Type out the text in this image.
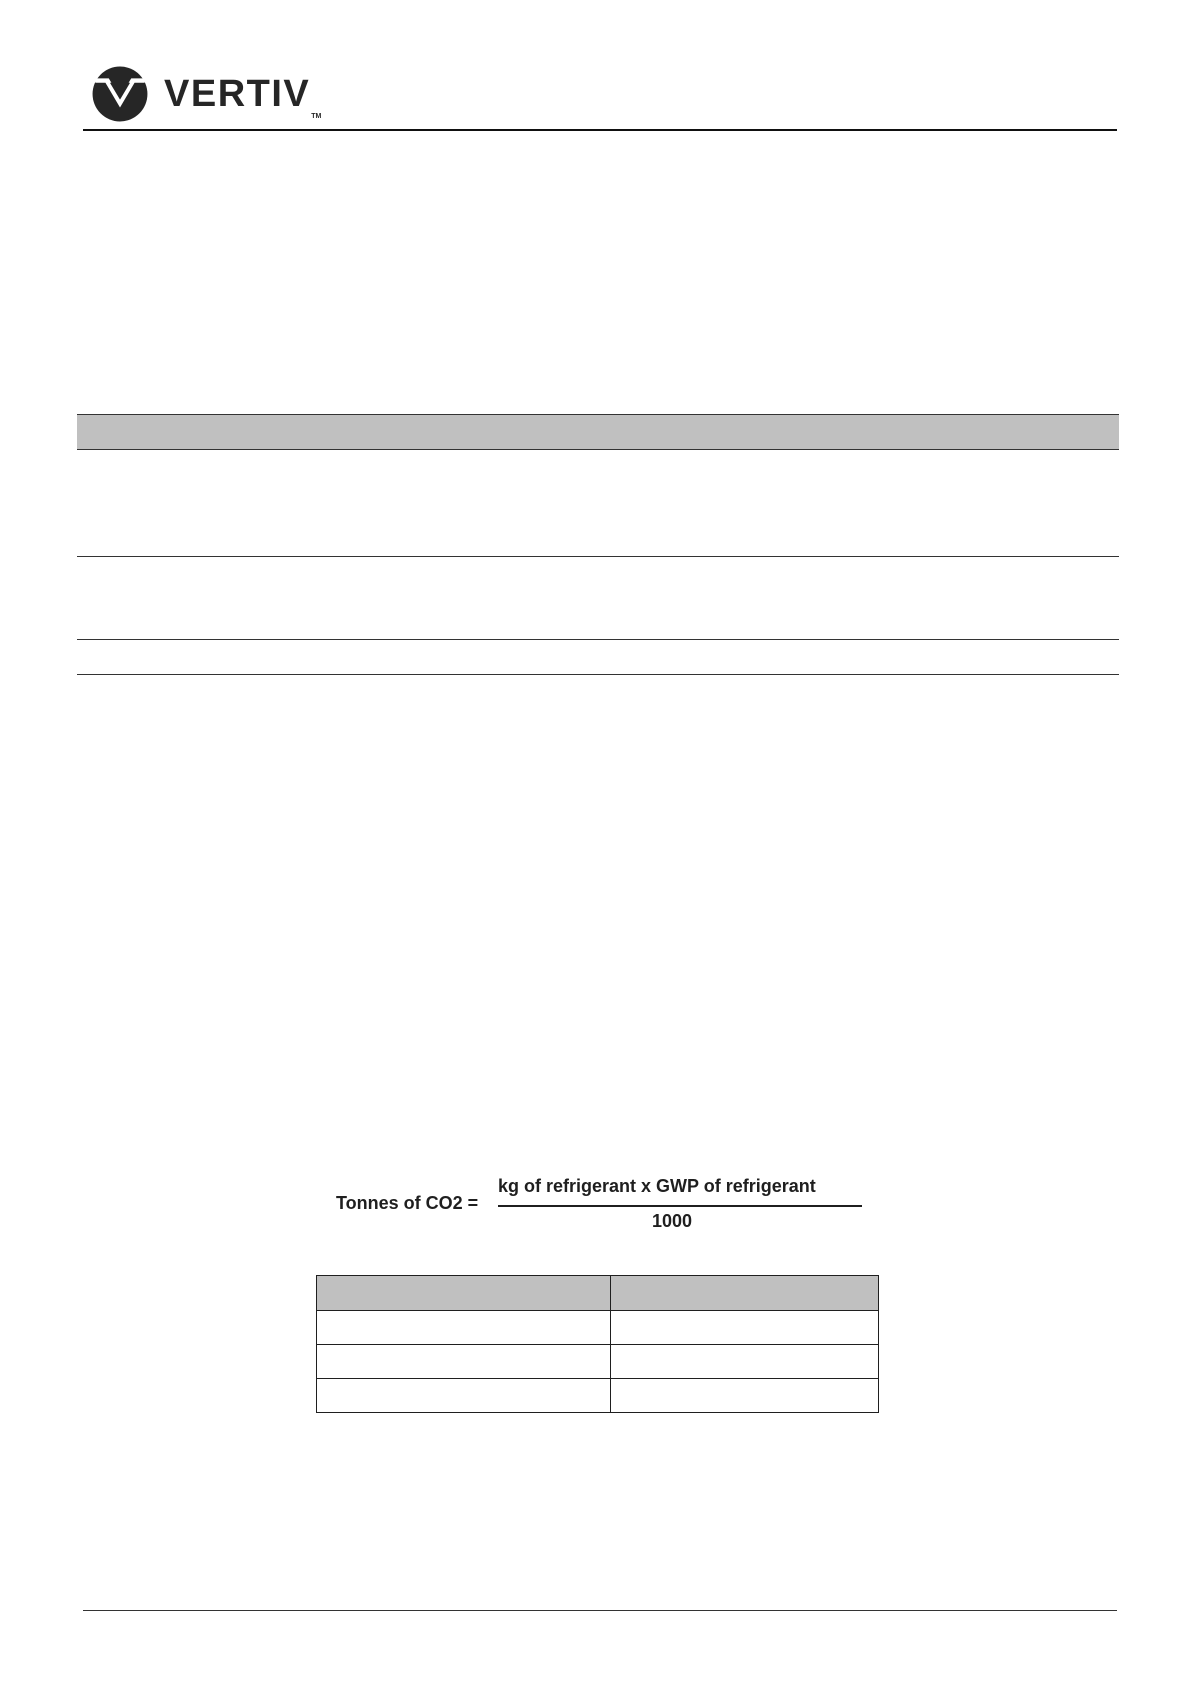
$VERTIV_{TM}$

Tonnes of CO2 =
kg of refrigerant x GWP of refrigerant
1000
